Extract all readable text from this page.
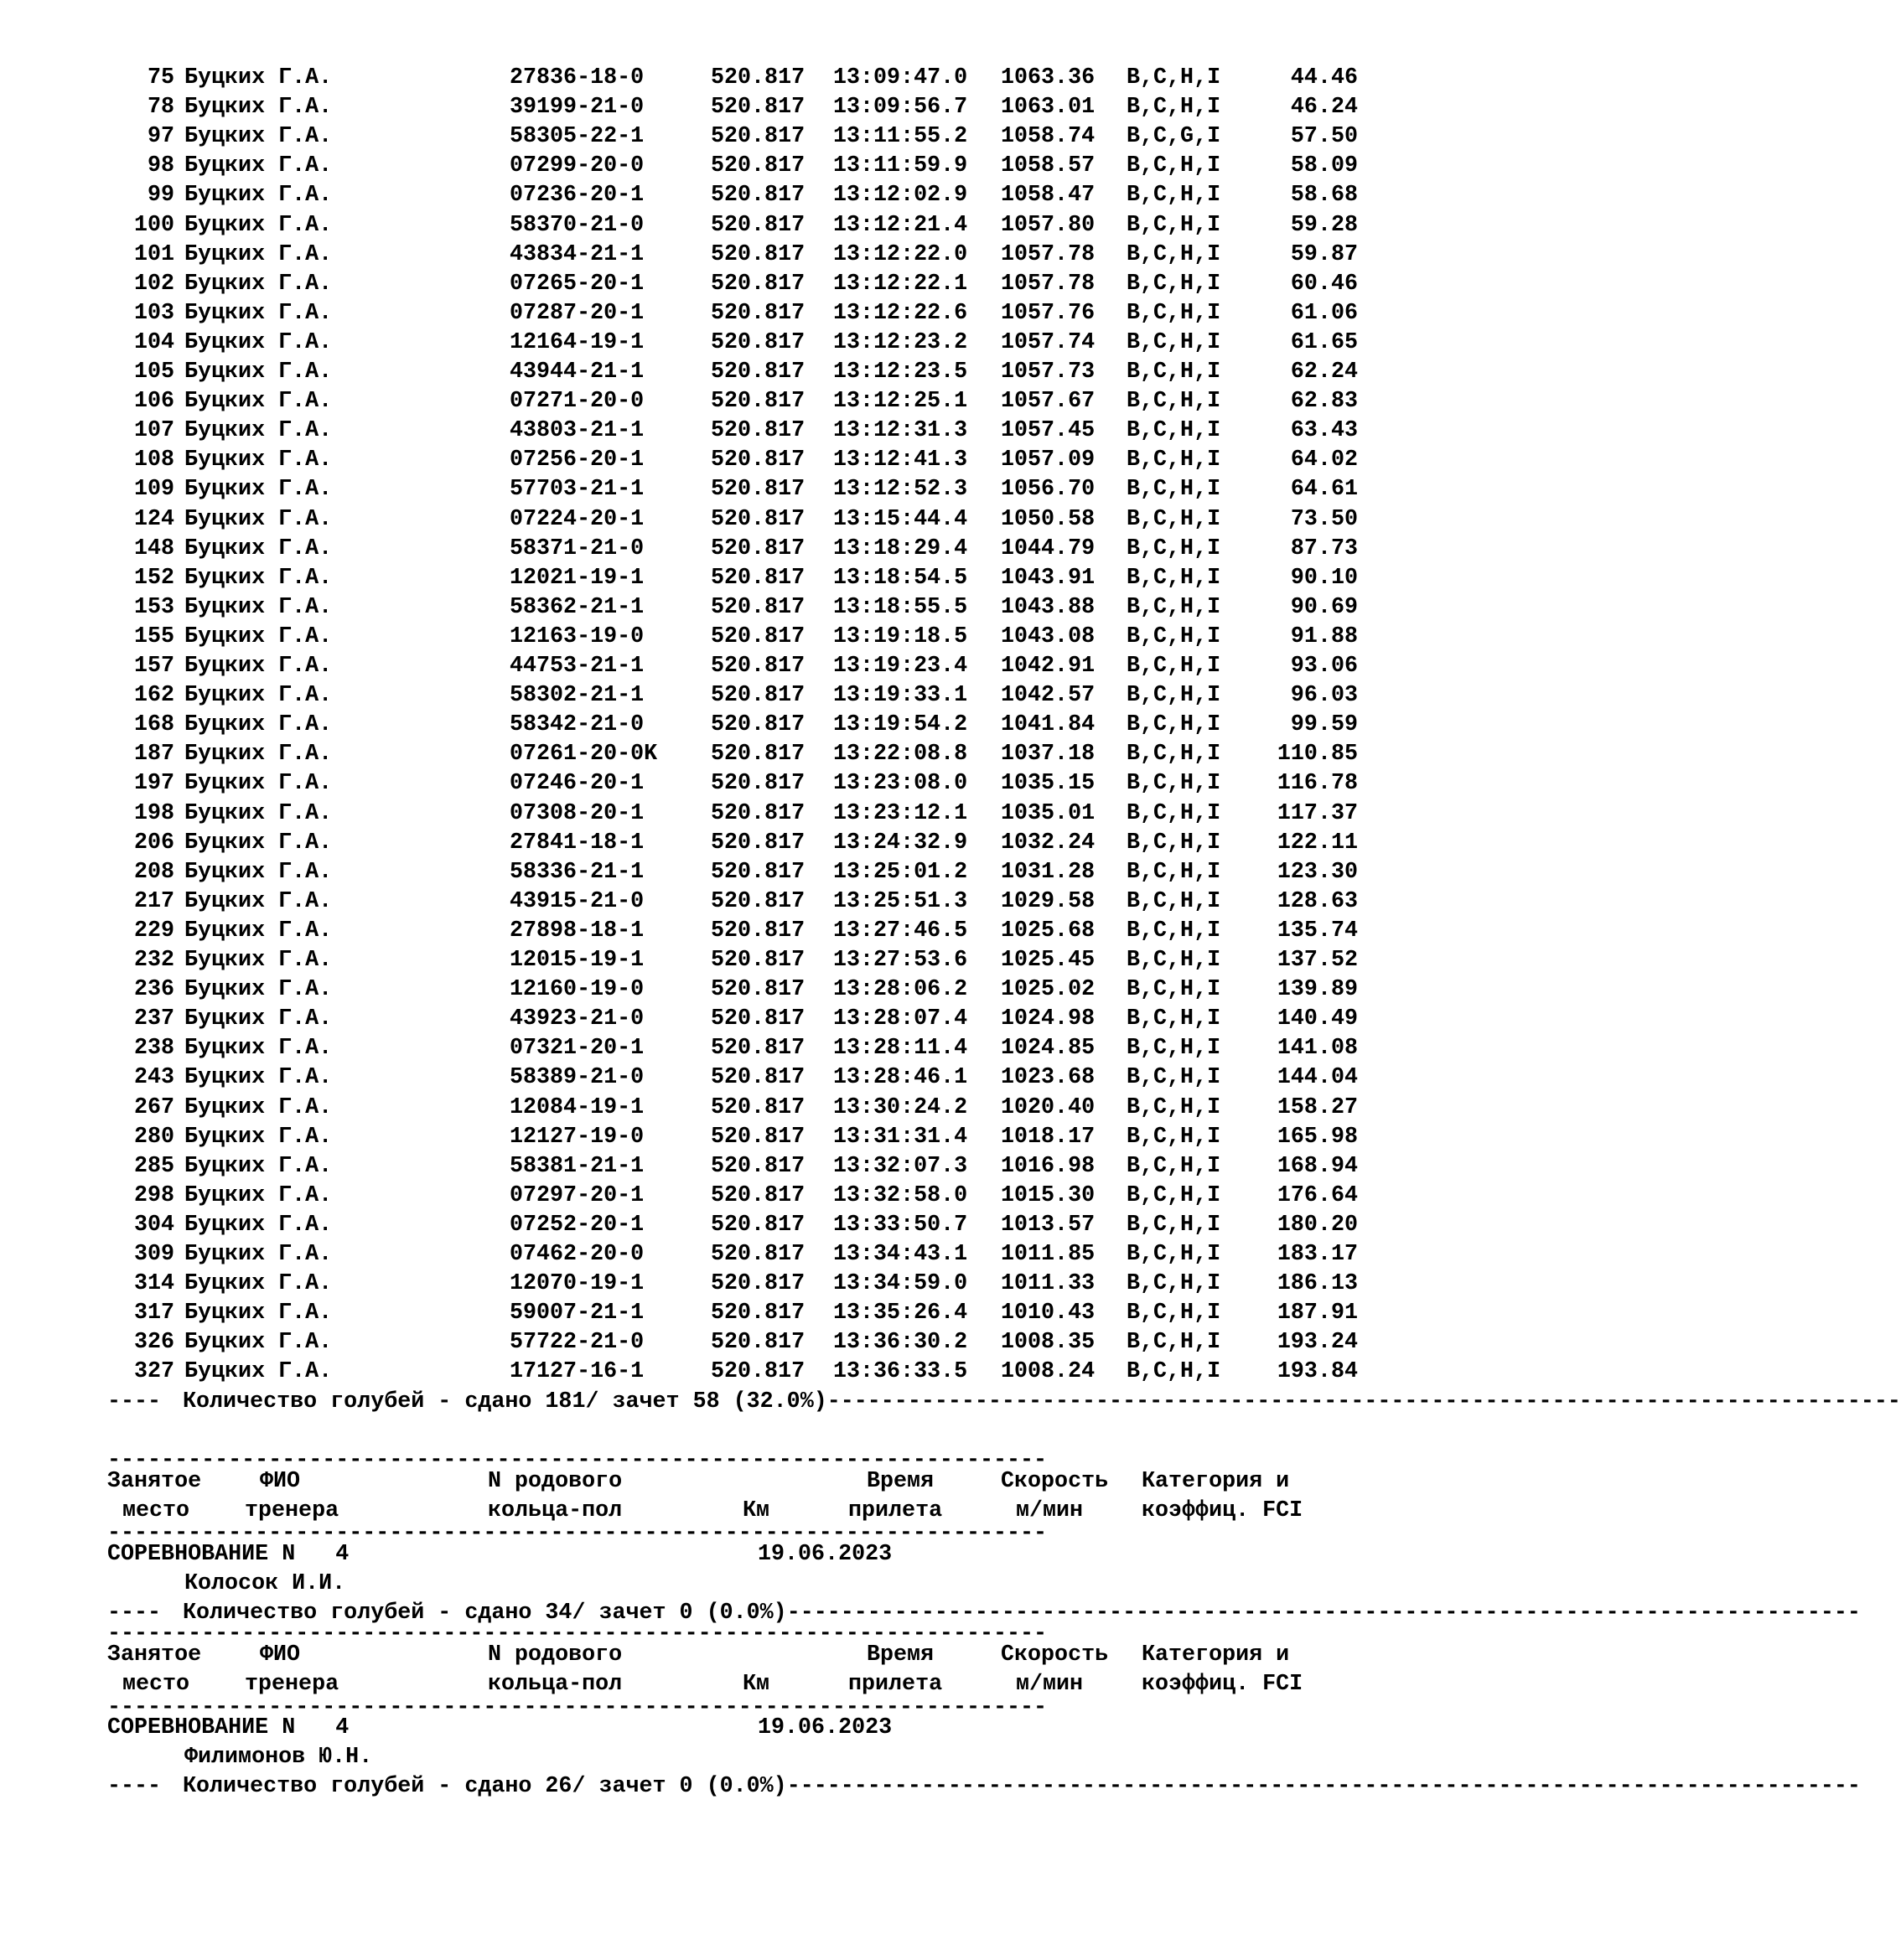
75 Буцких Г.А.	27836-18-0	520.817 13:09:47.0 1063.36 B,C,H,I	44.46
78 Буцких Г.А.	39199-21-0	520.817 13:09:56.7 1063.01 B,C,H,I	46.24
97 Буцких Г.А.	58305-22-1	520.817 13:11:55.2 1058.74 B,C,G,I	57.50
98 Буцких Г.А.	07299-20-0	520.817 13:11:59.9 1058.57 B,C,H,I	58.09
99 Буцких Г.А.	07236-20-1	520.817 13:12:02.9 1058.47 B,C,H,I	58.68
100 Буцких Г.А.	58370-21-0	520.817 13:12:21.4 1057.80 B,C,H,I	59.28
101 Буцких Г.А.	43834-21-1	520.817 13:12:22.0 1057.78 B,C,H,I	59.87
102 Буцких Г.А.	07265-20-1	520.817 13:12:22.1 1057.78 B,C,H,I	60.46
103 Буцких Г.А.	07287-20-1	520.817 13:12:22.6 1057.76 B,C,H,I	61.06
104 Буцких Г.А.	12164-19-1	520.817 13:12:23.2 1057.74 B,C,H,I	61.65
105 Буцких Г.А.	43944-21-1	520.817 13:12:23.5 1057.73 B,C,H,I	62.24
106 Буцких Г.А.	07271-20-0	520.817 13:12:25.1 1057.67 B,C,H,I	62.83
107 Буцких Г.А.	43803-21-1	520.817 13:12:31.3 1057.45 B,C,H,I	63.43
108 Буцких Г.А.	07256-20-1	520.817 13:12:41.3 1057.09 B,C,H,I	64.02
109 Буцких Г.А.	57703-21-1	520.817 13:12:52.3 1056.70 B,C,H,I	64.61
124 Буцких Г.А.	07224-20-1	520.817 13:15:44.4 1050.58 B,C,H,I	73.50
148 Буцких Г.А.	58371-21-0	520.817 13:18:29.4 1044.79 B,C,H,I	87.73
152 Буцких Г.А.	12021-19-1	520.817 13:18:54.5 1043.91 B,C,H,I	90.10
153 Буцких Г.А.	58362-21-1	520.817 13:18:55.5 1043.88 B,C,H,I	90.69
155 Буцких Г.А.	12163-19-0	520.817 13:19:18.5 1043.08 B,C,H,I	91.88
157 Буцких Г.А.	44753-21-1	520.817 13:19:23.4 1042.91 B,C,H,I	93.06
162 Буцких Г.А.	58302-21-1	520.817 13:19:33.1 1042.57 B,C,H,I	96.03
168 Буцких Г.А.	58342-21-0	520.817 13:19:54.2 1041.84 B,C,H,I	99.59
187 Буцких Г.А.	07261-20-0K 520.817 13:22:08.8 1037.18 B,C,H,I	110.85
197 Буцких Г.А.	07246-20-1	520.817 13:23:08.0 1035.15 B,C,H,I	116.78
198 Буцких Г.А.	07308-20-1	520.817 13:23:12.1 1035.01 B,C,H,I	117.37
206 Буцких Г.А.	27841-18-1	520.817 13:24:32.9 1032.24 B,C,H,I	122.11
208 Буцких Г.А.	58336-21-1	520.817 13:25:01.2 1031.28 B,C,H,I	123.30
217 Буцких Г.А.	43915-21-0	520.817 13:25:51.3 1029.58 B,C,H,I	128.63
229 Буцких Г.А.	27898-18-1	520.817 13:27:46.5 1025.68 B,C,H,I	135.74
232 Буцких Г.А.	12015-19-1	520.817 13:27:53.6 1025.45 B,C,H,I	137.52
236 Буцких Г.А.	12160-19-0	520.817 13:28:06.2 1025.02 B,C,H,I	139.89
237 Буцких Г.А.	43923-21-0	520.817 13:28:07.4 1024.98 B,C,H,I	140.49
238 Буцких Г.А.	07321-20-1	520.817 13:28:11.4 1024.85 B,C,H,I	141.08
243 Буцких Г.А.	58389-21-0	520.817 13:28:46.1 1023.68 B,C,H,I	144.04
267 Буцких Г.А.	12084-19-1	520.817 13:30:24.2 1020.40 B,C,H,I	158.27
280 Буцких Г.А.	12127-19-0	520.817 13:31:31.4 1018.17 B,C,H,I	165.98
285 Буцких Г.А.	58381-21-1	520.817 13:32:07.3 1016.98 B,C,H,I	168.94
298 Буцких Г.А.	07297-20-1	520.817 13:32:58.0 1015.30 B,C,H,I	176.64
304 Буцких Г.А.	07252-20-1	520.817 13:33:50.7 1013.57 B,C,H,I	180.20
309 Буцких Г.А.	07462-20-0	520.817 13:34:43.1 1011.85 B,C,H,I	183.17
314 Буцких Г.А.	12070-19-1	520.817 13:34:59.0 1011.33 B,C,H,I	186.13
317 Буцких Г.А.	59007-21-1	520.817 13:35:26.4 1010.43 B,C,H,I	187.91
326 Буцких Г.А.	57722-21-0	520.817 13:36:30.2 1008.35 B,C,H,I	193.24
327 Буцких Г.А.	17127-16-1	520.817 13:36:33.5 1008.24 B,C,H,I	193.84
---- Количество голубей - сдано 181/ зачет 58 (32.0%) --------------------------------------------------------------------------------
----------------------------------------------------------------------
Занятое	ФИО	N родового	Время	Скорость Категория и
место тренера	кольца-пол	Км	прилета	м/мин	коэффиц. FCI
----------------------------------------------------------------------
СОРЕВНОВАНИЕ N   4	19.06.2023
Колосок И.И.
---- Количество голубей - сдано 34/ зачет 0 (0.0%) --------------------------------------------------------------------------------
----------------------------------------------------------------------
Занятое	ФИО	N родового	Время	Скорость Категория и
место тренера	кольца-пол	Км	прилета	м/мин	коэффиц. FCI
----------------------------------------------------------------------
СОРЕВНОВАНИЕ N   4	19.06.2023
Филимонов Ю.Н.
---- Количество голубей - сдано 26/ зачет 0 (0.0%) --------------------------------------------------------------------------------
